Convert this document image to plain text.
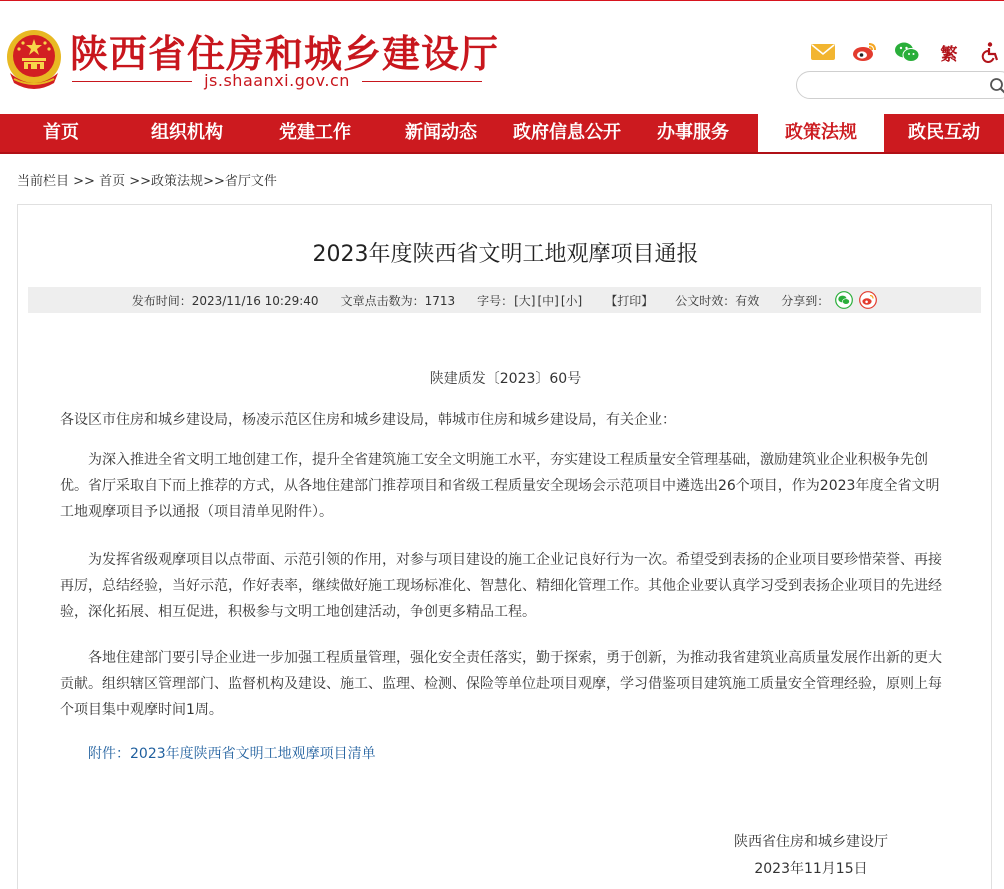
陕西省住房和城乡建设厅
js.shaanxi.gov.cn
繁
首页	组织机构	党建工作	新闻动态	政府信息公开	办事服务	政策法规	政民互动
当前栏目 >> 首页 >>政策法规>>省厅文件
2023年度陕西省文明工地观摩项目通报
发布时间：2023/11/16 10:29:40 文章点击数为：1713 字号： [大] [中] [小] 【打印】 公文时效：有效 分享到：
陕建质发〔2023〕60号
各设区市住房和城乡建设局，杨凌示范区住房和城乡建设局，韩城市住房和城乡建设局，有关企业：
为深入推进全省文明工地创建工作，提升全省建筑施工安全文明施工水平，夯实建设工程质量安全管理基础，激励建筑业企业积极争先创优。省厅采取自下而上推荐的方式，从各地住建部门推荐项目和省级工程质量安全现场会示范项目中遴选出26个项目，作为2023年度全省文明工地观摩项目予以通报（项目清单见附件）。
为发挥省级观摩项目以点带面、示范引领的作用，对参与项目建设的施工企业记良好行为一次。希望受到表扬的企业项目要珍惜荣誉、再接再厉，总结经验，当好示范，作好表率，继续做好施工现场标准化、智慧化、精细化管理工作。其他企业要认真学习受到表扬企业项目的先进经验，深化拓展、相互促进，积极参与文明工地创建活动，争创更多精品工程。
各地住建部门要引导企业进一步加强工程质量管理，强化安全责任落实，勤于探索，勇于创新，为推动我省建筑业高质量发展作出新的更大贡献。组织辖区管理部门、监督机构及建设、施工、监理、检测、保险等单位赴项目观摩，学习借鉴项目建筑施工质量安全管理经验，原则上每个项目集中观摩时间1周。
附件：2023年度陕西省文明工地观摩项目清单
陕西省住房和城乡建设厅
2023年11月15日
